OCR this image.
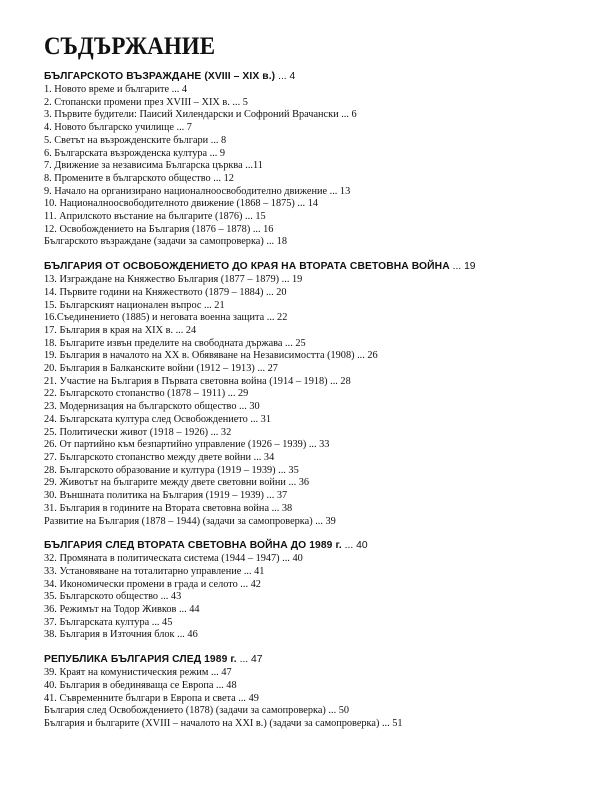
СЪДЪРЖАНИЕ
БЪЛГАРСКОТО ВЪЗРАЖДАНЕ (XVIII – XIX в.) ... 4
1. Новото време и българите ... 4
2. Стопански промени през XVIII – XIX в. ... 5
3. Първите будители: Паисий Хилендарски и Софроний Врачански ... 6
4. Новото българско училище ... 7
5. Светът на възрожденските българи ... 8
6. Българската възрожденска култура ... 9
7. Движение за независима Българска църква ...11
8. Промените в българското общество ... 12
9. Начало на организирано националноосвободително движение ... 13
10. Националноосвободителното движение (1868 – 1875) ... 14
11. Априлското въстание на българите (1876) ... 15
12. Освобождението на България (1876 – 1878) ... 16
Българското възраждане (задачи за самопроверка) ... 18
БЪЛГАРИЯ ОТ ОСВОБОЖДЕНИЕТО ДО КРАЯ НА ВТОРАТА СВЕТОВНА ВОЙНА ... 19
13. Изграждане на Княжество България (1877 – 1879) ... 19
14. Първите години на Княжеството (1879 – 1884) ... 20
15. Българският национален въпрос ... 21
16.Съединението (1885) и неговата военна защита ... 22
17. България в края на XIX в. ... 24
18. Българите извън пределите на свободната държава ... 25
19. България в началото на XX в. Обявяване на Независимостта (1908) ... 26
20. България в Балканските войни (1912 – 1913) ... 27
21. Участие на България в Първата световна война (1914 – 1918) ... 28
22. Българското стопанство (1878 – 1911) ... 29
23. Модернизация на българското общество ... 30
24. Българската култура след Освобождението ... 31
25. Политически живот (1918 – 1926) ... 32
26. От партийно към безпартийно управление (1926 – 1939) ... 33
27. Българското стопанство между двете войни ... 34
28. Българското образование и култура (1919 – 1939) ... 35
29. Животът на българите между двете световни войни ... 36
30. Външната политика на България (1919 – 1939) ... 37
31. България в годините на Втората световна война ... 38
Развитие на България (1878 – 1944) (задачи за самопроверка) ... 39
БЪЛГАРИЯ СЛЕД ВТОРАТА СВЕТОВНА ВОЙНА ДО 1989 г. ... 40
32. Промяната в политическата система (1944 – 1947) ... 40
33. Установяване на тоталитарно управление ... 41
34. Икономически промени в града и селото ... 42
35. Българското общество ... 43
36. Режимът на Тодор Живков ... 44
37. Българската култура ... 45
38. България в Източния блок ... 46
РЕПУБЛИКА БЪЛГАРИЯ СЛЕД 1989 г. ... 47
39. Краят на комунистическия режим ... 47
40. България в обединяваща се Европа ... 48
41. Съвременните българи в Европа и света ... 49
България след Освобождението (1878) (задачи за самопроверка) ... 50
България и българите (XVIII – началото на XXI в.) (задачи за самопроверка) ... 51
